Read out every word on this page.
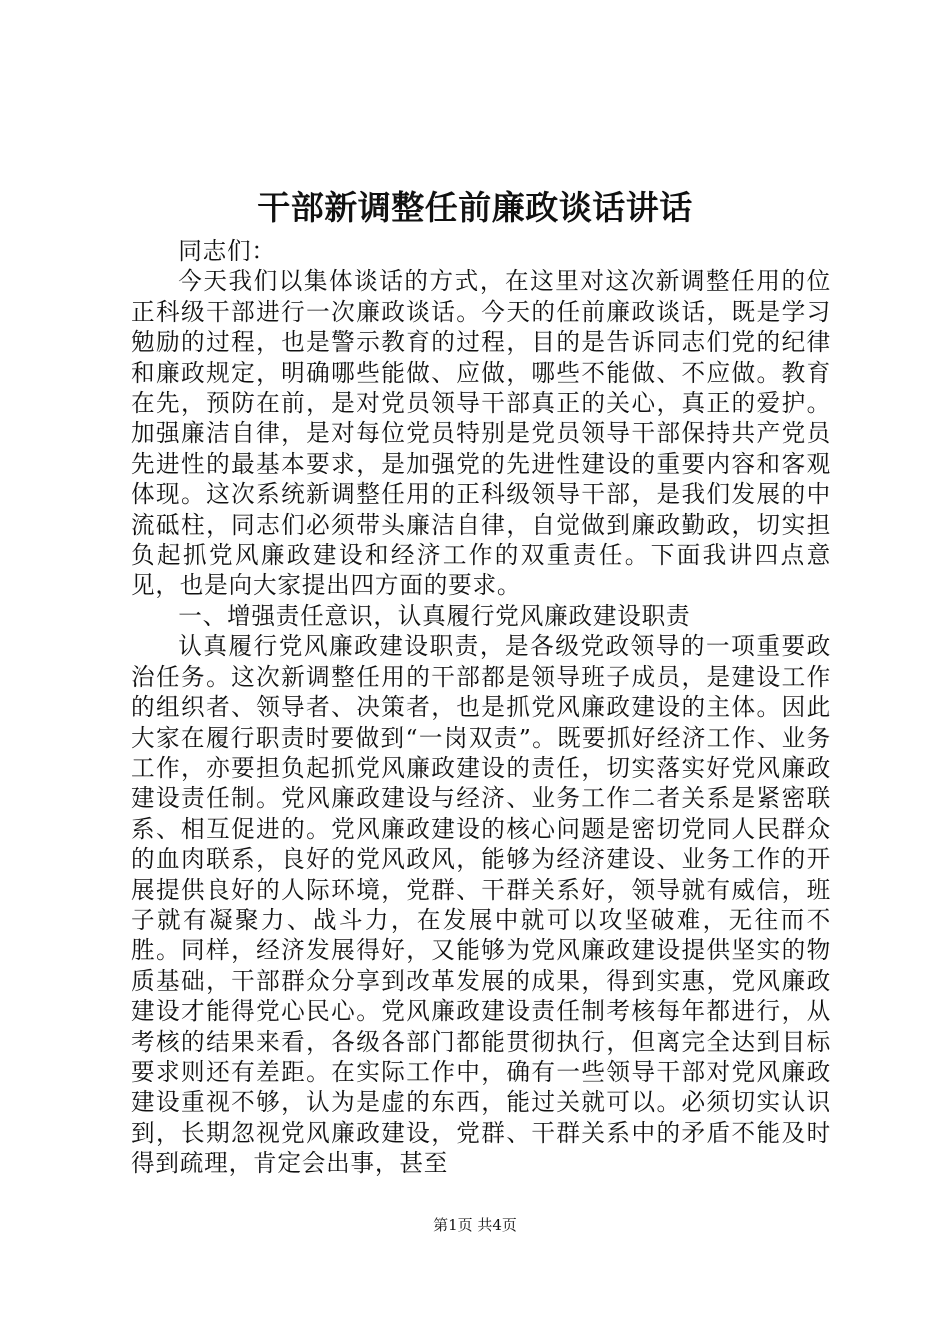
干部新调整任前廉政谈话讲话

同志们：

今天我们以集体谈话的方式，在这里对这次新调整任用的位正科级干部进行一次廉政谈话。今天的任前廉政谈话，既是学习勉励的过程，也是警示教育的过程，目的是告诉同志们党的纪律和廉政规定，明确哪些能做、应做，哪些不能做、不应做。教育在先，预防在前，是对党员领导干部真正的关心，真正的爱护。加强廉洁自律，是对每位党员特别是党员领导干部保持共产党员先进性的最基本要求，是加强党的先进性建设的重要内容和客观体现。这次系统新调整任用的正科级领导干部，是我们发展的中流砥柱，同志们必须带头廉洁自律，自觉做到廉政勤政，切实担负起抓党风廉政建设和经济工作的双重责任。下面我讲四点意见，也是向大家提出四方面的要求。

一、增强责任意识，认真履行党风廉政建设职责

认真履行党风廉政建设职责，是各级党政领导的一项重要政治任务。这次新调整任用的干部都是领导班子成员，是建设工作的组织者、领导者、决策者，也是抓党风廉政建设的主体。因此大家在履行职责时要做到“一岗双责”。既要抓好经济工作、业务工作，亦要担负起抓党风廉政建设的责任，切实落实好党风廉政建设责任制。党风廉政建设与经济、业务工作二者关系是紧密联系、相互促进的。党风廉政建设的核心问题是密切党同人民群众的血肉联系，良好的党风政风，能够为经济建设、业务工作的开展提供良好的人际环境，党群、干群关系好，领导就有威信，班子就有凝聚力、战斗力，在发展中就可以攻坚破难，无往而不胜。同样，经济发展得好，又能够为党风廉政建设提供坚实的物质基础，干部群众分享到改革发展的成果，得到实惠，党风廉政建设才能得党心民心。党风廉政建设责任制考核每年都进行，从考核的结果来看，各级各部门都能贯彻执行，但离完全达到目标要求则还有差距。在实际工作中，确有一些领导干部对党风廉政建设重视不够，认为是虚的东西，能过关就可以。必须切实认识到，长期忽视党风廉政建设，党群、干群关系中的矛盾不能及时得到疏理，肯定会出事，甚至

第1页 共4页
